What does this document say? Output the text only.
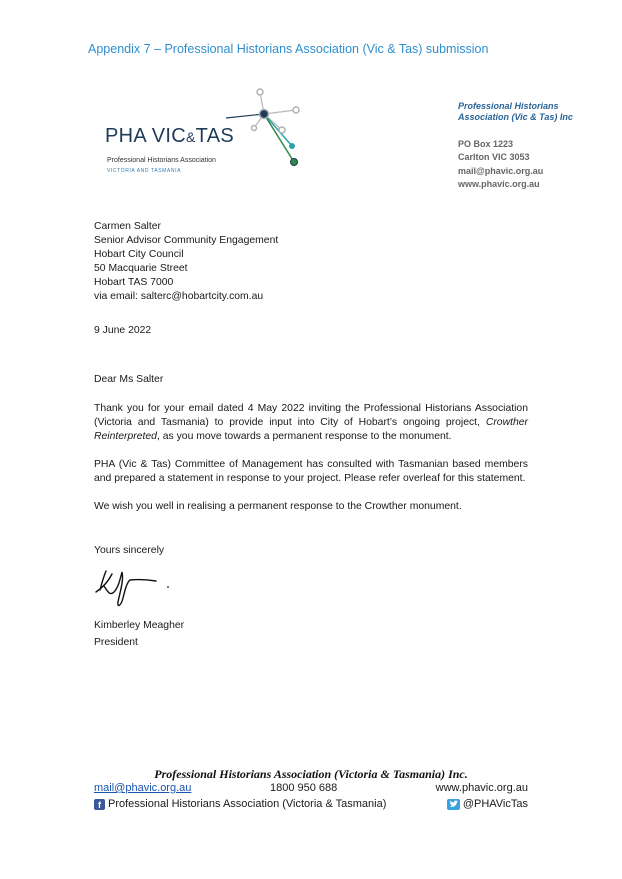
Appendix 7 – Professional Historians Association (Vic & Tas) submission
PHA VIC&TAS
Professional Historians Association
VICTORIA AND TASMANIA
Professional Historians Association (Vic & Tas) Inc
PO Box 1223
Carlton VIC 3053
mail@phavic.org.au
www.phavic.org.au
Carmen Salter
Senior Advisor Community Engagement
Hobart City Council
50 Macquarie Street
Hobart TAS 7000
via email: salterc@hobartcity.com.au
9 June 2022
Dear Ms Salter
Thank you for your email dated 4 May 2022 inviting the Professional Historians Association (Victoria and Tasmania) to provide input into City of Hobart’s ongoing project, Crowther Reinterpreted, as you move towards a permanent response to the monument.
PHA (Vic & Tas) Committee of Management has consulted with Tasmanian based members and prepared a statement in response to your project. Please refer overleaf for this statement.
We wish you well in realising a permanent response to the Crowther monument.
Yours sincerely
Kimberley Meagher
President
Professional Historians Association (Victoria & Tasmania) Inc.
mail@phavic.org.au	1800 950 688	www.phavic.org.au
f Professional Historians Association (Victoria & Tasmania)	@PHAVicTas
